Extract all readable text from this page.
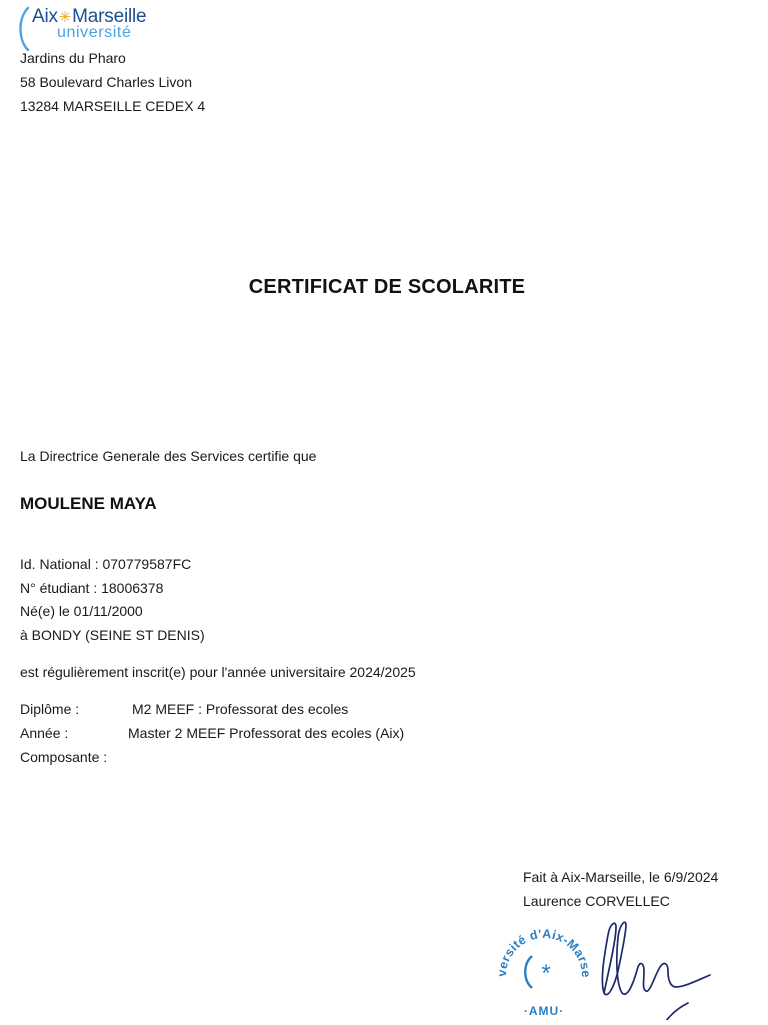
Aix✳Marseille
université
Jardins du Pharo
58 Boulevard Charles Livon
13284 MARSEILLE CEDEX 4
CERTIFICAT DE SCOLARITE
La Directrice Generale des Services certifie que
MOULENE MAYA
Id. National : 070779587FC
N° étudiant : 18006378
Né(e) le 01/11/2000
à BONDY (SEINE ST DENIS)
est régulièrement inscrit(e) pour l'année universitaire 2024/2025
Diplôme :	M2 MEEF : Professorat des ecoles
Année :	Master 2 MEEF Professorat des ecoles (Aix)
Composante :
Fait à Aix-Marseille, le 6/9/2024
Laurence CORVELLEC
versité d'Aix-Marse
*
·AMU·
